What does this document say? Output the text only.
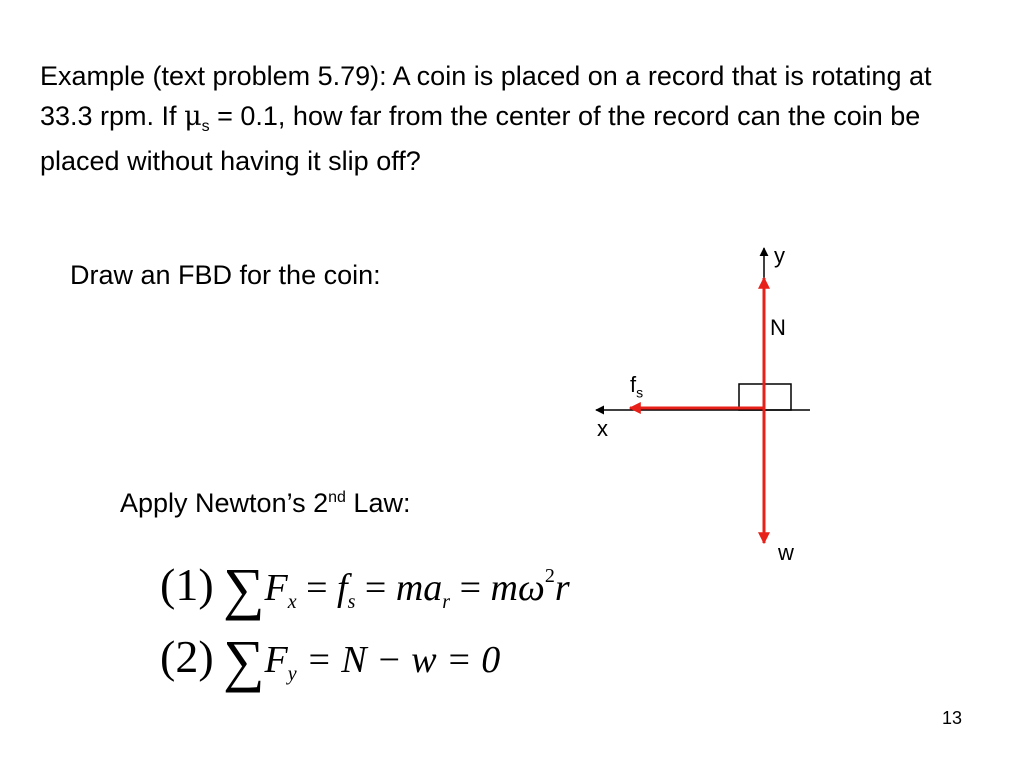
Example (text problem 5.79): A coin is placed on a record that is rotating at 33.3 rpm. If $\mu_s = 0.1$, how far from the center of the record can the coin be placed without having it slip off?

Draw an FBD for the coin:
y
N
$f_s$
x
w
Apply Newton’s 2nd Law:
(1) $\sum F_x = f_s = ma_r = m\omega^2r$
(2) $\sum F_y = N - w = 0$
13
